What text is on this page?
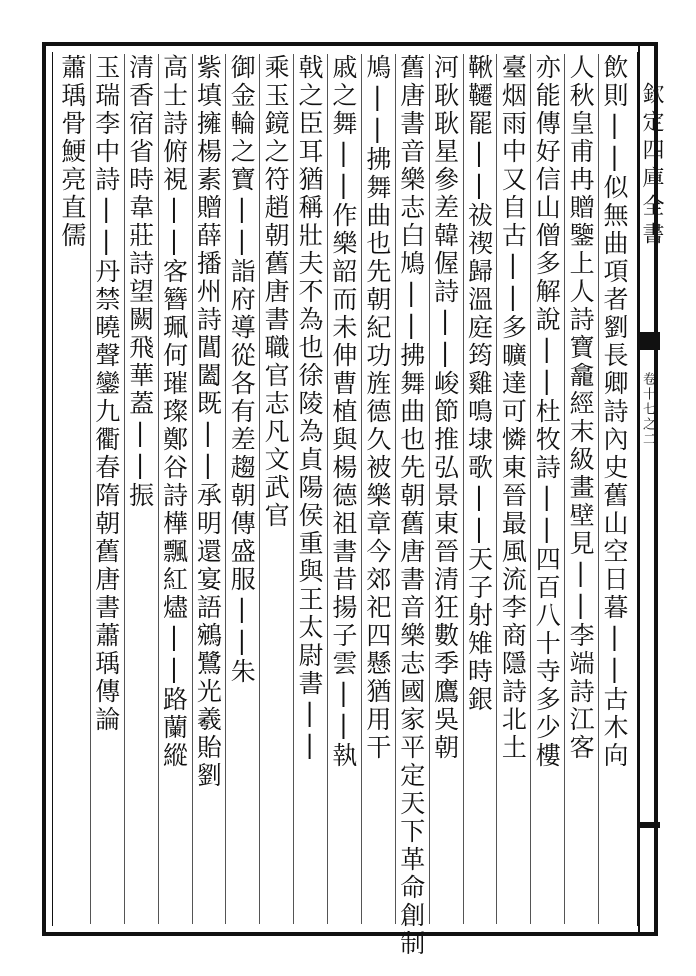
欽定四庫全書
卷十七之二
飲則||似無曲項者劉長卿詩內史舊山空日暮||古木向
人秋皇甫冉贈鑒上人詩寶龕經末級畫壁見||李端詩江客
亦能傳好信山僧多解說||杜牧詩||四百八十寺多少樓
臺烟雨中又自古||多曠達可憐東晉最風流李商隱詩北土
鞦韆罷||祓禊歸溫庭筠雞鳴埭歌||天子射雉時銀
河耿耿星參差韓偓詩||峻節推弘景東晉清狂數季鷹吳朝
舊唐書音樂志白鳩||拂舞曲也先朝舊唐書音樂志國家平定天下革命創制
鳩||拂舞曲也先朝紀功旌德久被樂章今郊祀四懸猶用干
戚之舞||作樂韶而未伸曹植與楊德祖書昔揚子雲||執
戟之臣耳猶稱壯夫不為也徐陵為貞陽侯重與王太尉書||
乘玉鏡之符趙朝舊唐書職官志凡文武官
御金輪之寶||詣府導從各有差趨朝傳盛服||朱
紫填擁楊素贈薛播州詩閶闔既||承明還宴語鵷鷺光羲貽劉
高士詩俯視||客簪珮何璀璨鄭谷詩樺飄紅燼||路蘭縱
清香宿省時韋莊詩望闕飛華蓋||振
玉瑞李中詩||丹禁曉聲鑾九衢春隋朝舊唐書蕭瑀傳論
蕭瑀骨鯁亮直儒
